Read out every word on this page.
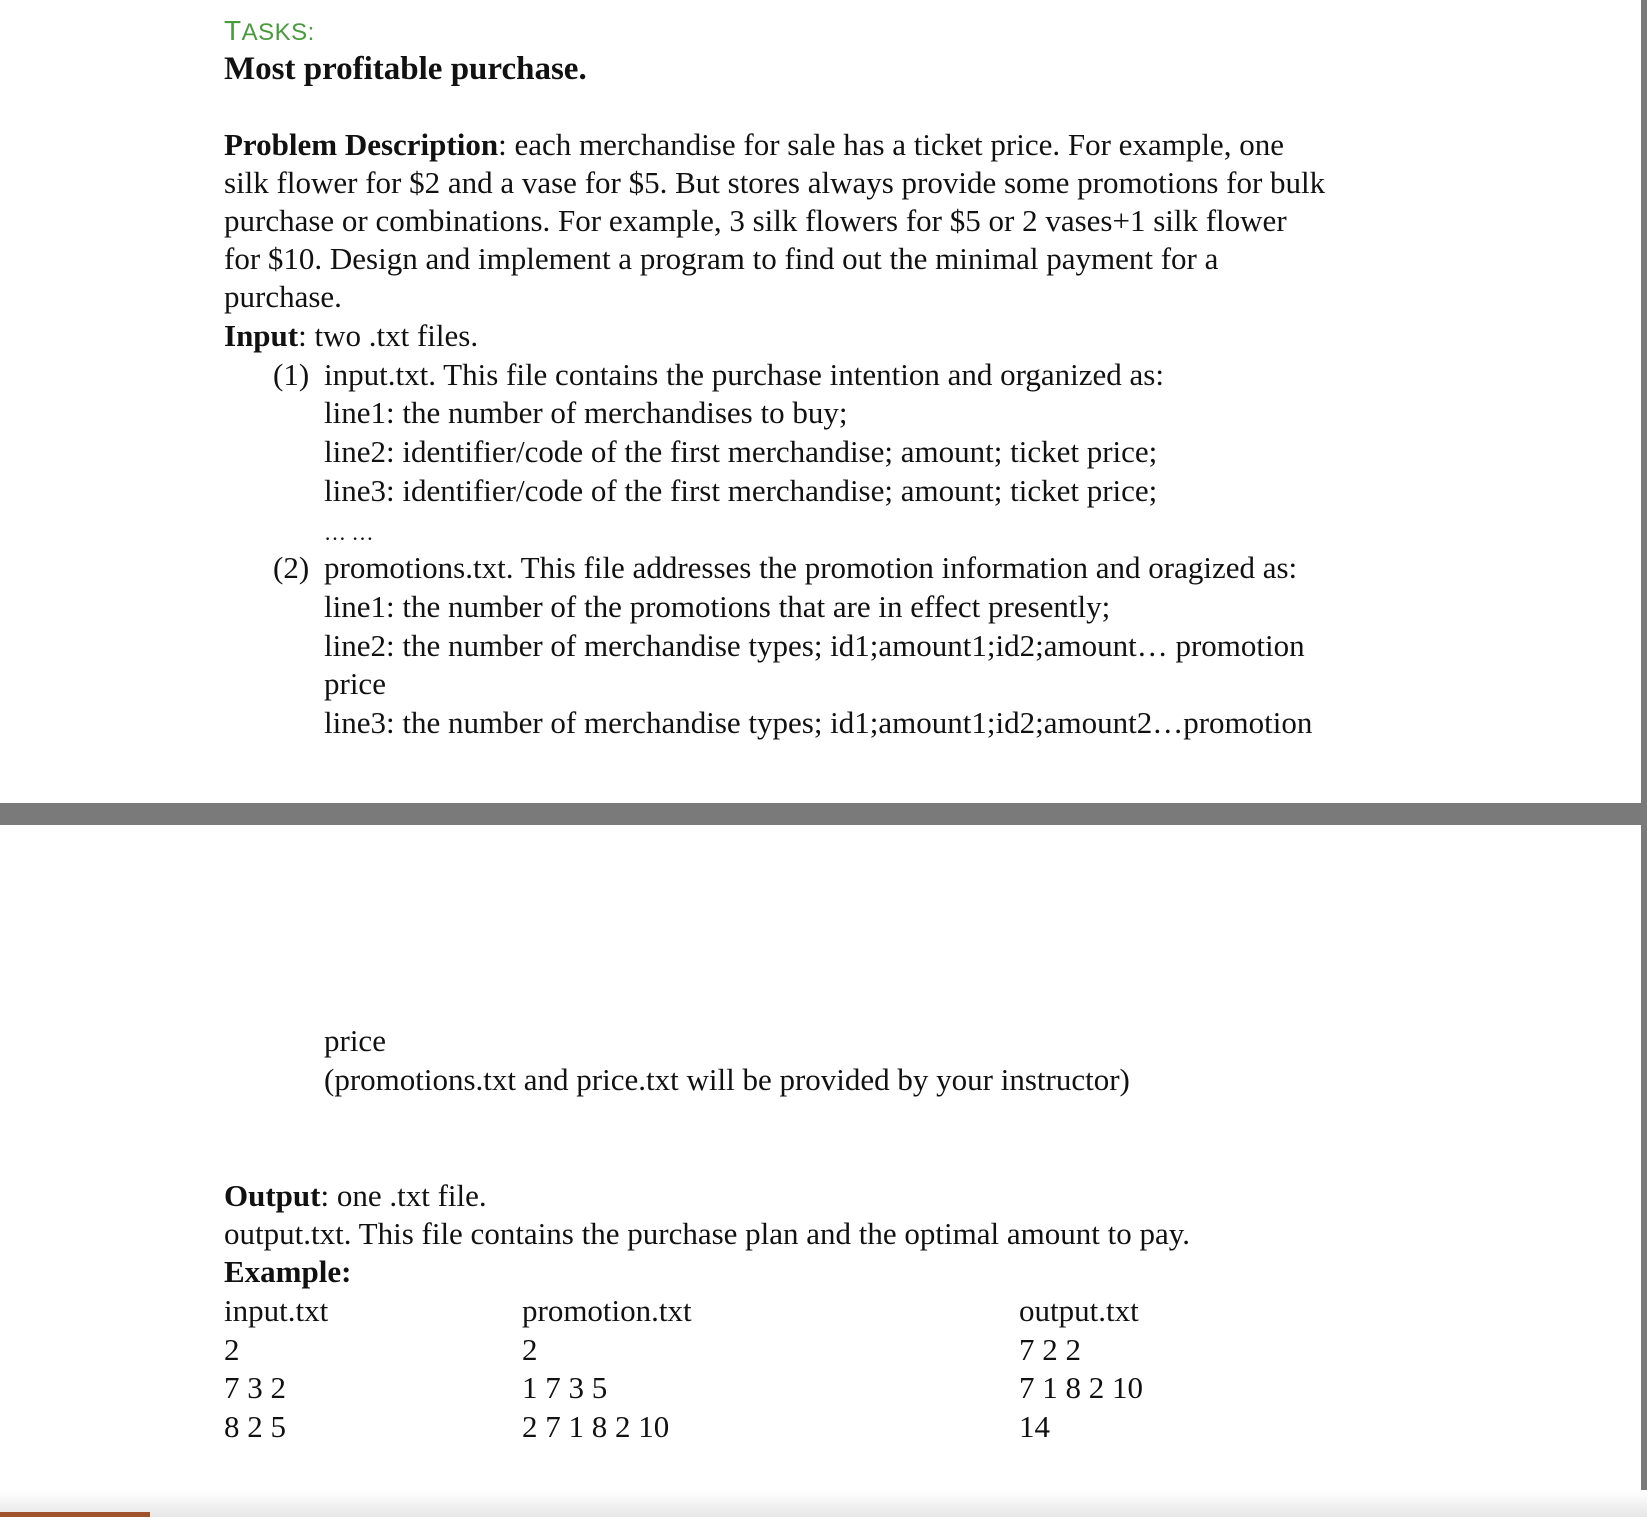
TASKS:
Most profitable purchase.
Problem Description: each merchandise for sale has a ticket price. For example, one
silk flower for $2 and a vase for $5. But stores always provide some promotions for bulk
purchase or combinations. For example, 3 silk flowers for $5 or 2 vases+1 silk flower
for $10. Design and implement a program to find out the minimal payment for a
purchase.
Input: two .txt files.
(1) input.txt. This file contains the purchase intention and organized as:
line1: the number of merchandises to buy;
line2: identifier/code of the first merchandise; amount; ticket price;
line3: identifier/code of the first merchandise; amount; ticket price;
… …
(2) promotions.txt. This file addresses the promotion information and oragized as:
line1: the number of the promotions that are in effect presently;
line2: the number of merchandise types; id1;amount1;id2;amount… promotion
price
line3: the number of merchandise types; id1;amount1;id2;amount2…promotion
price
(promotions.txt and price.txt will be provided by your instructor)
Output: one .txt file.
output.txt. This file contains the purchase plan and the optimal amount to pay.
Example:
input.txt
2
7 3 2
8 2 5
promotion.txt
2
1 7 3 5
2 7 1 8 2 10
output.txt
7 2 2
7 1 8 2 10
14
